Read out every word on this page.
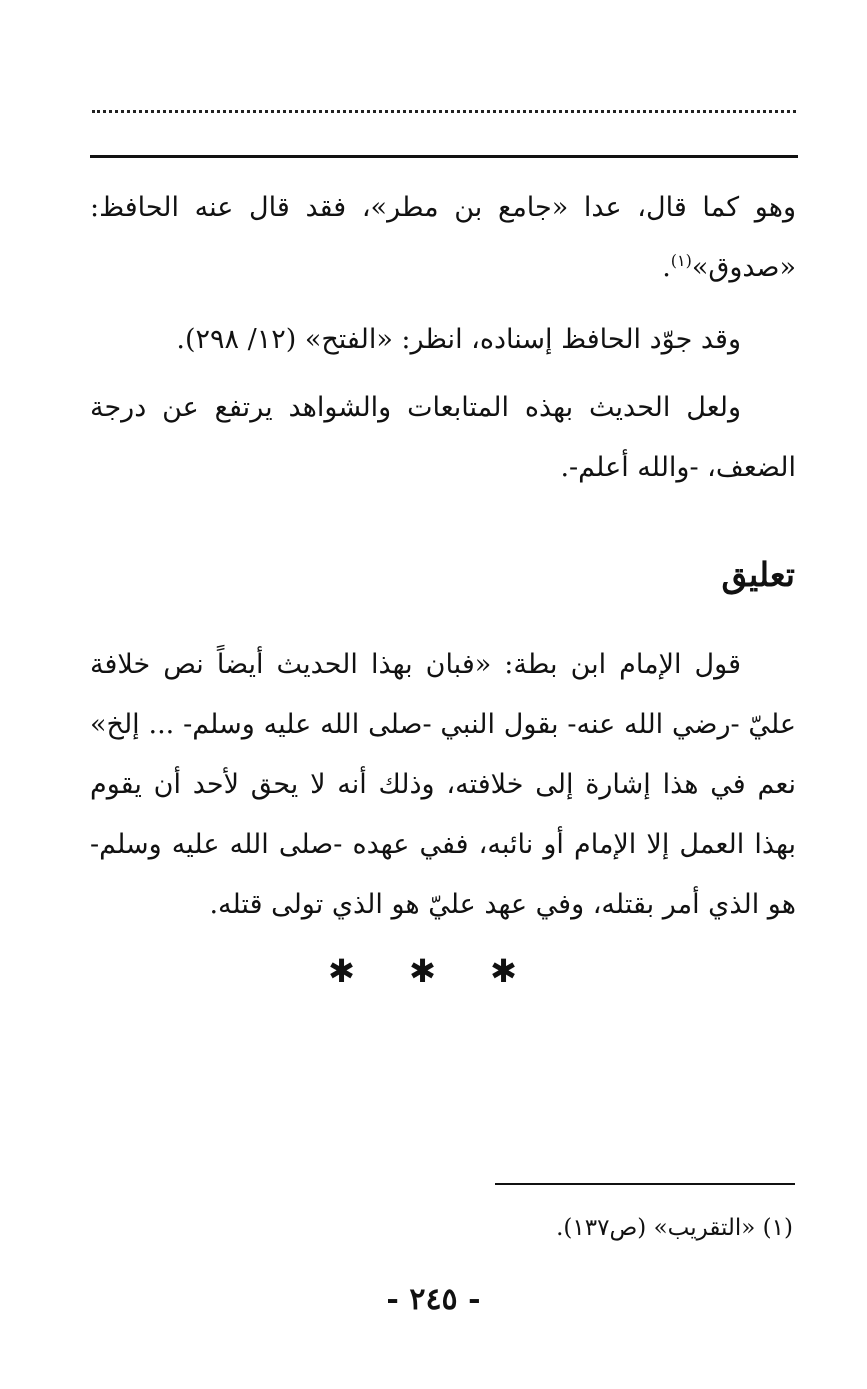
وهو كما قال، عدا «جامع بن مطر»، فقد قال عنه الحافظ: «صدوق»$^{(١)}$.

وقد جوّد الحافظ إسناده، انظر: «الفتح» (١٢/ ٢٩٨).

ولعل الحديث بهذه المتابعات والشواهد يرتفع عن درجة الضعف، -والله أعلم-.

تعليق

قول الإمام ابن بطة: «فبان بهذا الحديث أيضاً نص خلافة عليّ -رضي الله عنه- بقول النبي -صلى الله عليه وسلم- ... إلخ» نعم في هذا إشارة إلى خلافته، وذلك أنه لا يحق لأحد أن يقوم بهذا العمل إلا الإمام أو نائبه، ففي عهده -صلى الله عليه وسلم- هو الذي أمر بقتله، وفي عهد عليّ هو الذي تولى قتله.

✱ ✱ ✱
(١) «التقريب» (ص١٣٧).
- ٢٤٥ -
